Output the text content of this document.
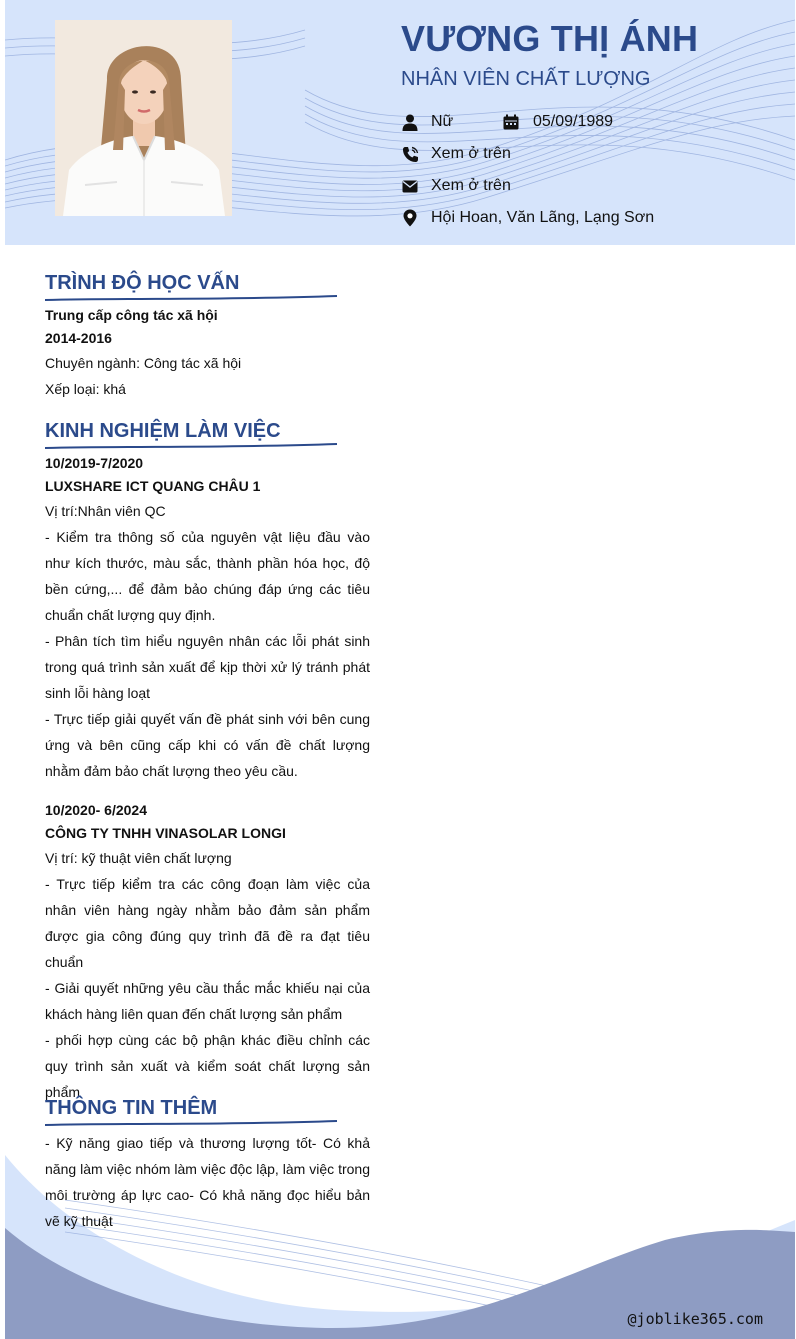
VƯƠNG THỊ ÁNH
NHÂN VIÊN CHẤT LƯỢNG
Nữ	05/09/1989
Xem ở trên
Xem ở trên
Hội Hoan, Văn Lãng, Lạng Sơn
TRÌNH ĐỘ HỌC VẤN
Trung cấp công tác xã hội
2014-2016
Chuyên ngành: Công tác xã hội
Xếp loại: khá
KINH NGHIỆM LÀM VIỆC
10/2019-7/2020
LUXSHARE ICT QUANG CHÂU 1
Vị trí:Nhân viên QC
- Kiểm tra thông số của nguyên vật liệu đầu vào như kích thước, màu sắc, thành phần hóa học, độ bền cứng,... để đảm bảo chúng đáp ứng các tiêu chuẩn chất lượng quy định.
- Phân tích tìm hiểu nguyên nhân các lỗi phát sinh trong quá trình sản xuất để kịp thời xử lý tránh phát sinh lỗi hàng loạt
- Trực tiếp giải quyết vấn đề phát sinh với bên cung ứng và bên cũng cấp khi có vấn đề chất lượng nhằm đảm bảo chất lượng theo yêu cầu.
10/2020- 6/2024
CÔNG TY TNHH VINASOLAR LONGI
Vị trí: kỹ thuật viên chất lượng
- Trực tiếp kiểm tra các công đoạn làm việc của nhân viên hàng ngày nhằm bảo đảm sản phẩm được gia công đúng quy trình đã đề ra đạt tiêu chuẩn
- Giải quyết những yêu cầu thắc mắc khiếu nại của khách hàng liên quan đến chất lượng sản phẩm
- phối hợp cùng các bộ phận khác điều chỉnh các quy trình sản xuất và kiểm soát chất lượng sản phẩm
@joblike365.com
THÔNG TIN THÊM
- Kỹ năng giao tiếp và thương lượng tốt- Có khả năng làm việc nhóm làm việc độc lập, làm việc trong môi trường áp lực cao- Có khả năng đọc hiểu bản vẽ kỹ thuật
